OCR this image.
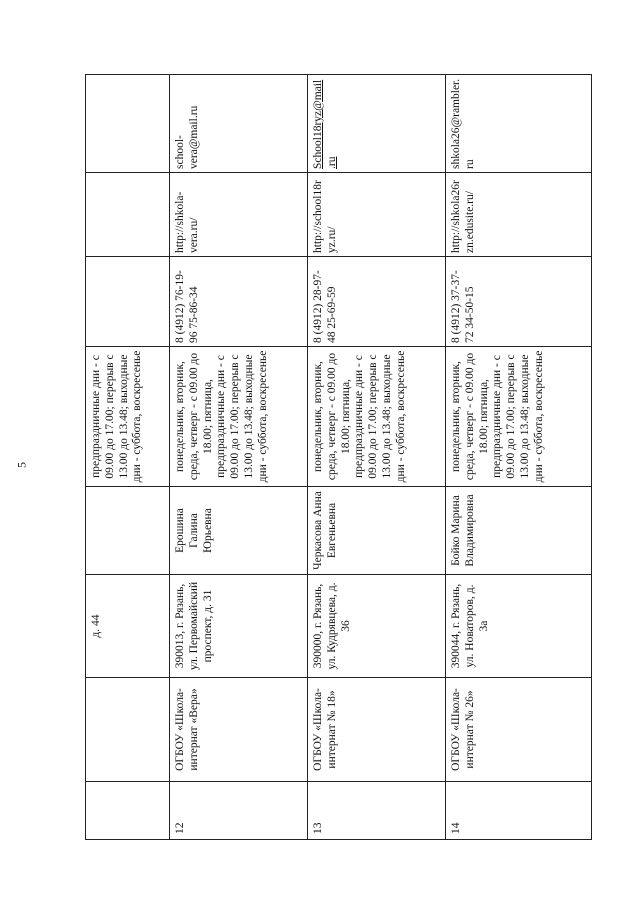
5
		д. 44		предпраздничные дни - с 09.00 до 17.00; перерыв с 13.00 до 13.48; выходные дни - суббота, воскресенье			
12	ОГБОУ «Школа-интернат «Вера»	390013, г. Рязань, ул. Первомайский проспект, д. 31	Ерошина Галина Юрьевна	понедельник, вторник, среда, четверг - с 09.00 до 18.00; пятница, предпраздничные дни - с 09.00 до 17.00; перерыв с 13.00 до 13.48; выходные дни - суббота, воскресенье	8 (4912) 76-19-96 75-86-34	http://shkola-vera.ru/	school-vera@mail.ru
13	ОГБОУ «Школа-интернат № 18»	390000, г. Рязань, ул. Кудрявцева, д. 36	Черкасова Анна Евгеньевна	понедельник, вторник, среда, четверг - с 09.00 до 18.00; пятница, предпраздничные дни - с 09.00 до 17.00; перерыв с 13.00 до 13.48; выходные дни - суббота, воскресенье	8 (4912) 28-97-48 25-69-59	http://school18ryz.ru/	School18ryz@mail.ru
14	ОГБОУ «Школа-интернат № 26»	390044, г. Рязань, ул. Новаторов, д. 3а	Бойко Марина Владимировна	понедельник, вторник, среда, четверг - с 09.00 до 18.00; пятница, предпраздничные дни - с 09.00 до 17.00; перерыв с 13.00 до 13.48; выходные дни - суббота, воскресенье	8 (4912) 37-37-72 34-50-15	http://shkola26rzn.edusite.ru/	shkola26@rambler.ru
